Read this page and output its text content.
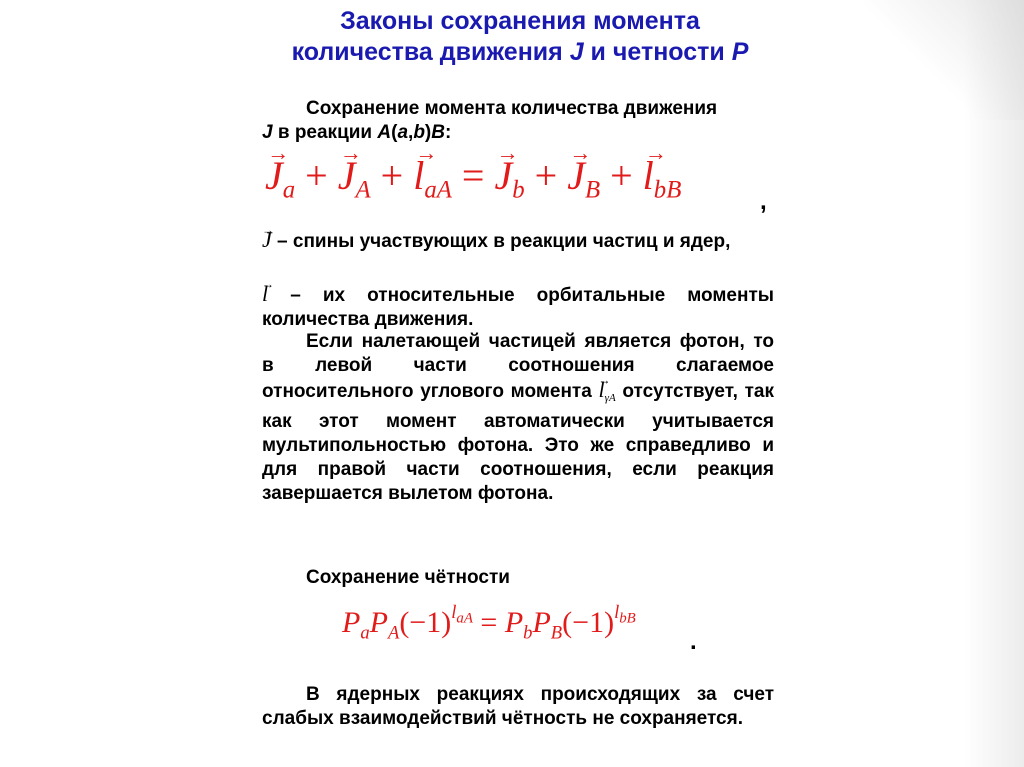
Законы сохранения момента
количества движения J и четности P
Сохранение момента количества движения
J в реакции A(a,b)B:
→ $J_a$ + → $J_A$ + → $l_{aA}$ = → $J_b$ + → $J_B$ + → $l_{bB}$	,
→ J – спины участвующих в реакции частиц и ядер,
→ l – их относительные орбитальные моменты количества движения.
Если налетающей частицей является фотон, то в левой части соотношения слагаемое относительного углового момента → lγA отсутствует, так как этот момент автоматически учитывается мультипольностью фотона. Это же справедливо и для правой части соотношения, если реакция завершается вылетом фотона.
Сохранение чётности
$P_aP_A(-1)^{l_{aA}} = P_bP_B(-1)^{l_{bB}}$
.
В ядерных реакциях происходящих за счет слабых взаимодействий чётность не сохраняется.
